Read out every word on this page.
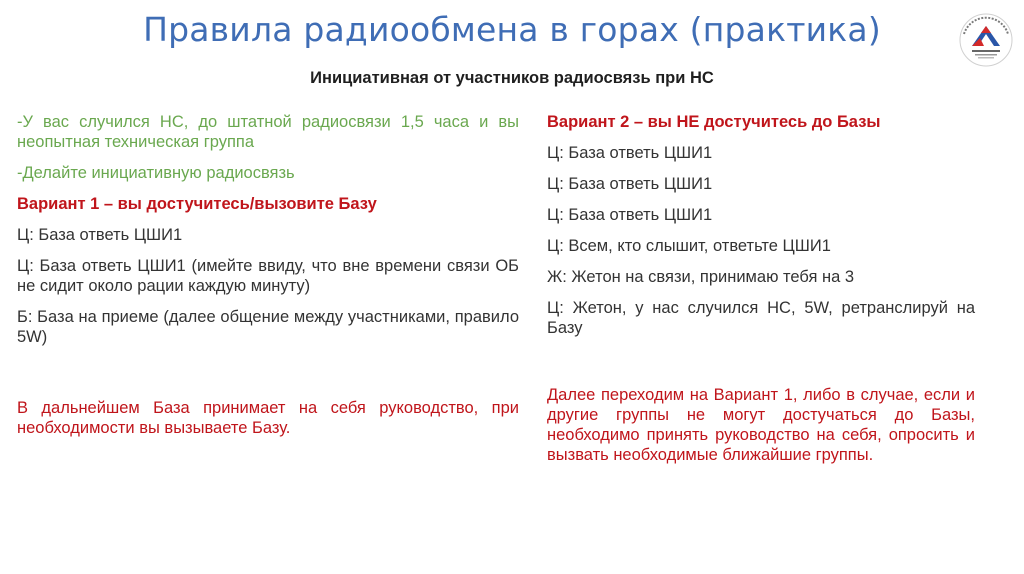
Правила радиообмена в горах (практика)
Инициативная от участников радиосвязь при НС

-У вас случился НС, до штатной радиосвязи 1,5 часа и вы неопытная техническая группа

-Делайте инициативную радиосвязь

Вариант 1 – вы достучитесь/вызовите Базу

Ц: База ответь ЦШИ1

Ц: База ответь ЦШИ1 (имейте ввиду, что вне времени связи ОБ не сидит около рации каждую минуту)

Б: База на приеме (далее общение между участниками, правило 5W)

В дальнейшем База принимает на себя руководство, при необходимости вы вызываете Базу.

Вариант 2 – вы НЕ достучитесь до Базы

Ц: База ответь ЦШИ1

Ц: База ответь ЦШИ1

Ц: База ответь ЦШИ1

Ц: Всем, кто слышит, ответьте ЦШИ1

Ж: Жетон на связи, принимаю тебя на 3

Ц: Жетон, у нас случился НС, 5W, ретранслируй на Базу

Далее переходим на Вариант 1, либо в случае, если и другие группы не могут достучаться до Базы, необходимо принять руководство на себя, опросить и вызвать необходимые ближайшие группы.
